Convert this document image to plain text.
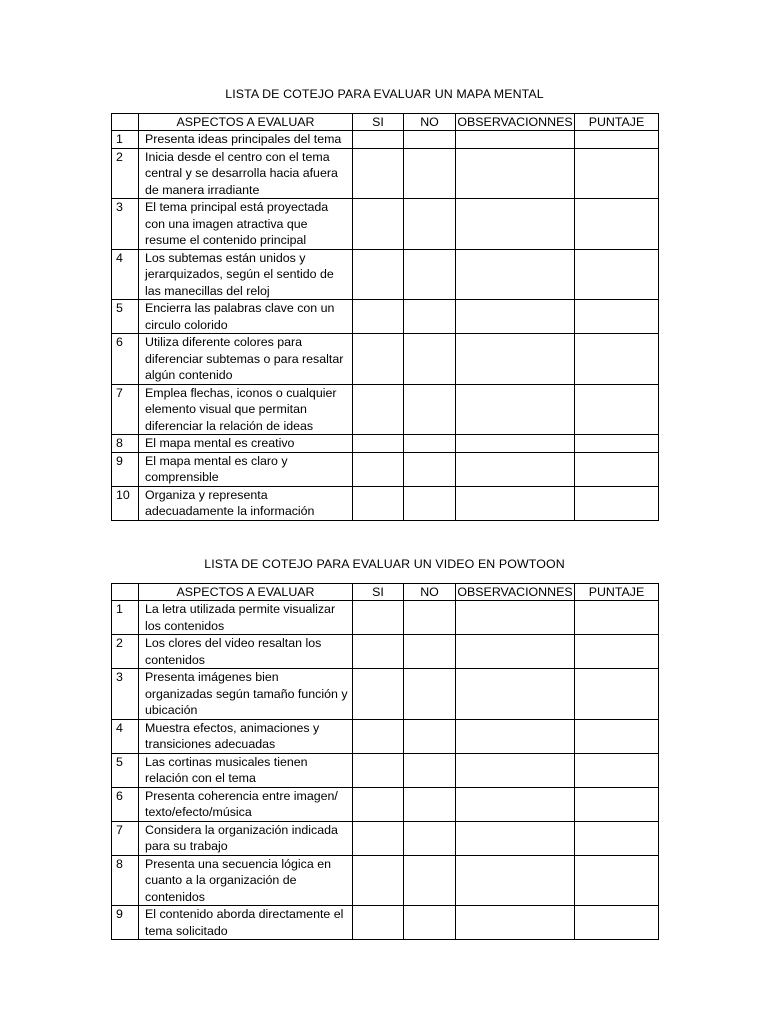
LISTA DE COTEJO PARA EVALUAR UN MAPA MENTAL
	ASPECTOS A EVALUAR	SI	NO	OBSERVACIONNES	PUNTAJE
1	Presenta ideas principales del tema				
2	Inicia desde el centro con el tema central y se desarrolla hacia afuera de manera irradiante				
3	El tema principal está proyectada con una imagen atractiva que resume el contenido principal				
4	Los subtemas están unidos y jerarquizados, según el sentido de las manecillas del reloj				
5	Encierra las palabras clave con un circulo colorido				
6	Utiliza diferente colores para diferenciar subtemas o para resaltar algún contenido				
7	Emplea flechas, iconos o cualquier elemento visual que permitan diferenciar la relación de ideas				
8	El mapa mental es creativo				
9	El mapa mental es claro y comprensible				
10	Organiza y representa adecuadamente la información				
LISTA DE COTEJO PARA EVALUAR UN VIDEO EN POWTOON
	ASPECTOS A EVALUAR	SI	NO	OBSERVACIONNES	PUNTAJE
1	La letra utilizada permite visualizar los contenidos				
2	Los clores del video resaltan los contenidos				
3	Presenta imágenes bien organizadas según tamaño función y ubicación				
4	Muestra efectos, animaciones y transiciones adecuadas				
5	Las cortinas musicales tienen relación con el tema				
6	Presenta coherencia entre imagen/ texto/efecto/música				
7	Considera la organización indicada para su trabajo				
8	Presenta una secuencia lógica en cuanto a la organización de contenidos				
9	El contenido aborda directamente el tema solicitado				
